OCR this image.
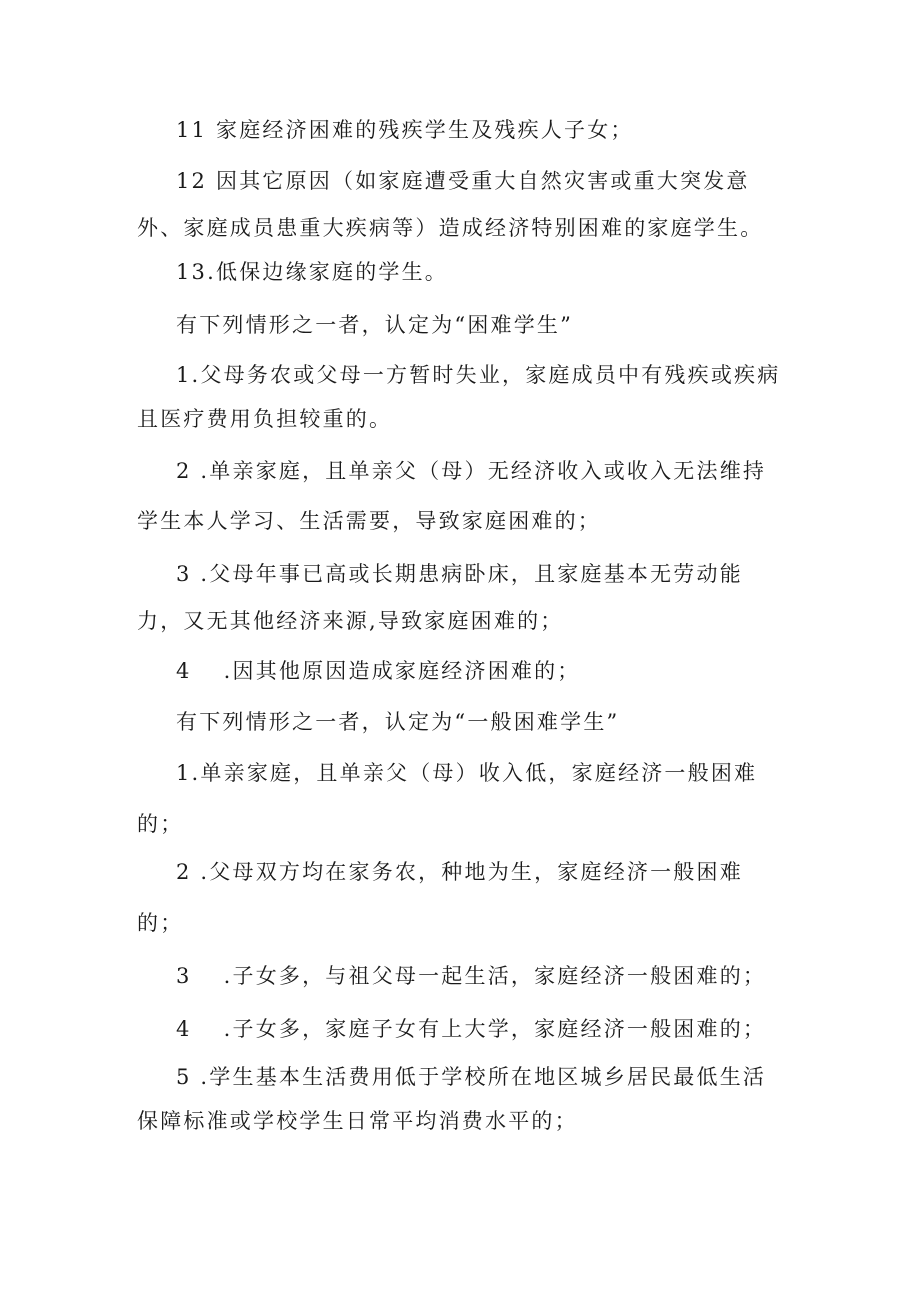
11 家庭经济困难的残疾学生及残疾人子女；
12 因其它原因（如家庭遭受重大自然灾害或重大突发意
外、家庭成员患重大疾病等）造成经济特别困难的家庭学生。
13.低保边缘家庭的学生。
有下列情形之一者，认定为“困难学生”
1.父母务农或父母一方暂时失业，家庭成员中有残疾或疾病
且医疗费用负担较重的。
2 .单亲家庭，且单亲父（母）无经济收入或收入无法维持
学生本人学习、生活需要，导致家庭困难的；
3 .父母年事已高或长期患病卧床，且家庭基本无劳动能
力，又无其他经济来源,导致家庭困难的；
4　 .因其他原因造成家庭经济困难的；
有下列情形之一者，认定为“一般困难学生”
1.单亲家庭，且单亲父（母）收入低，家庭经济一般困难
的；
2 .父母双方均在家务农，种地为生，家庭经济一般困难
的；
3　 .子女多，与祖父母一起生活，家庭经济一般困难的；
4　 .子女多，家庭子女有上大学，家庭经济一般困难的；
5 .学生基本生活费用低于学校所在地区城乡居民最低生活
保障标准或学校学生日常平均消费水平的；
